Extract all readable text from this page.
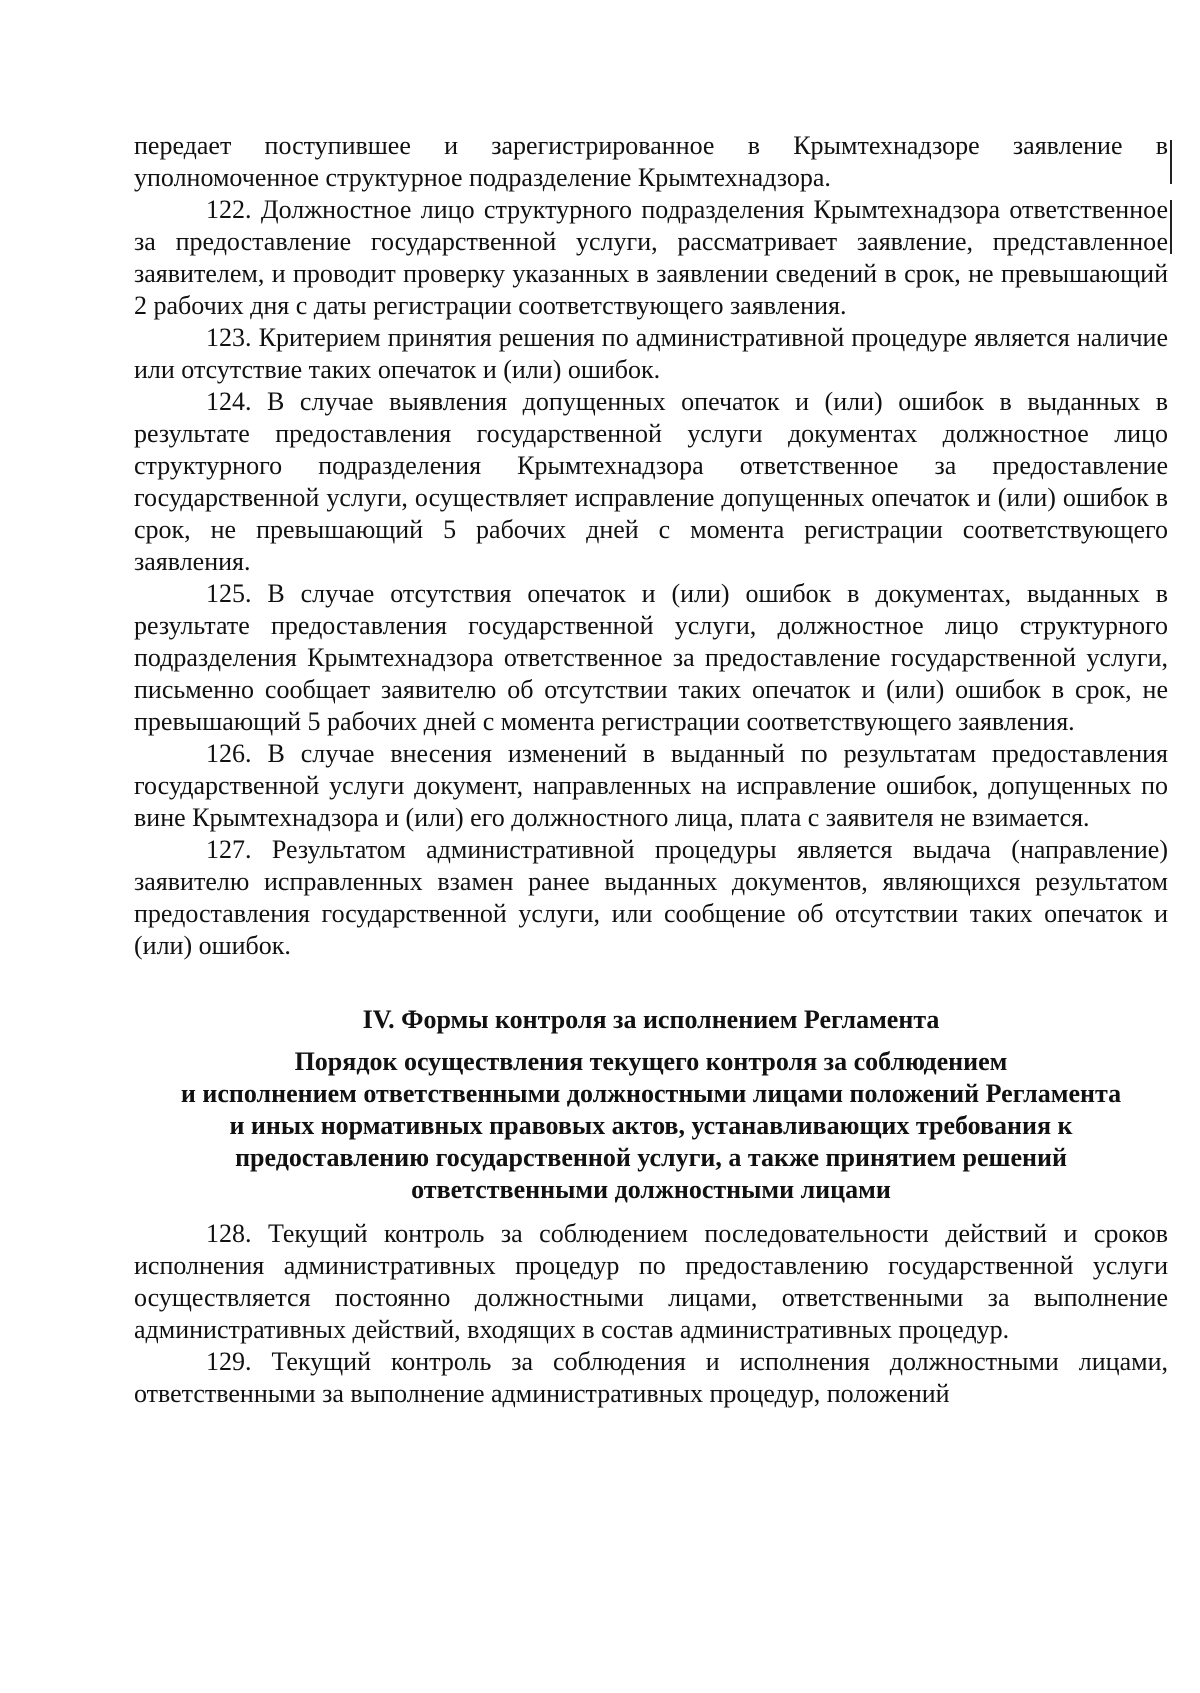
передает поступившее и зарегистрированное в Крымтехнадзоре заявление в уполномоченное структурное подразделение Крымтехнадзора.

122. Должностное лицо структурного подразделения Крымтехнадзора ответственное за предоставление государственной услуги, рассматривает заявление, представленное заявителем, и проводит проверку указанных в заявлении сведений в срок, не превышающий 2 рабочих дня с даты регистрации соответствующего заявления.

123. Критерием принятия решения по административной процедуре является наличие или отсутствие таких опечаток и (или) ошибок.

124. В случае выявления допущенных опечаток и (или) ошибок в выданных в результате предоставления государственной услуги документах должностное лицо структурного подразделения Крымтехнадзора ответственное за предоставление государственной услуги, осуществляет исправление допущенных опечаток и (или) ошибок в срок, не превышающий 5 рабочих дней с момента регистрации соответствующего заявления.

125. В случае отсутствия опечаток и (или) ошибок в документах, выданных в результате предоставления государственной услуги, должностное лицо структурного подразделения Крымтехнадзора ответственное за предоставление государственной услуги, письменно сообщает заявителю об отсутствии таких опечаток и (или) ошибок в срок, не превышающий 5 рабочих дней с момента регистрации соответствующего заявления.

126. В случае внесения изменений в выданный по результатам предоставления государственной услуги документ, направленных на исправление ошибок, допущенных по вине Крымтехнадзора и (или) его должностного лица, плата с заявителя не взимается.

127. Результатом административной процедуры является выдача (направление) заявителю исправленных взамен ранее выданных документов, являющихся результатом предоставления государственной услуги, или сообщение об отсутствии таких опечаток и (или) ошибок.

IV. Формы контроля за исполнением Регламента
Порядок осуществления текущего контроля за соблюдением
и исполнением ответственными должностными лицами положений Регламента
и иных нормативных правовых актов, устанавливающих требования к
предоставлению государственной услуги, а также принятием решений
ответственными должностными лицами

128. Текущий контроль за соблюдением последовательности действий и сроков исполнения административных процедур по предоставлению государственной услуги осуществляется постоянно должностными лицами, ответственными за выполнение административных действий, входящих в состав административных процедур.

129. Текущий контроль за соблюдения и исполнения должностными лицами, ответственными за выполнение административных процедур, положений
